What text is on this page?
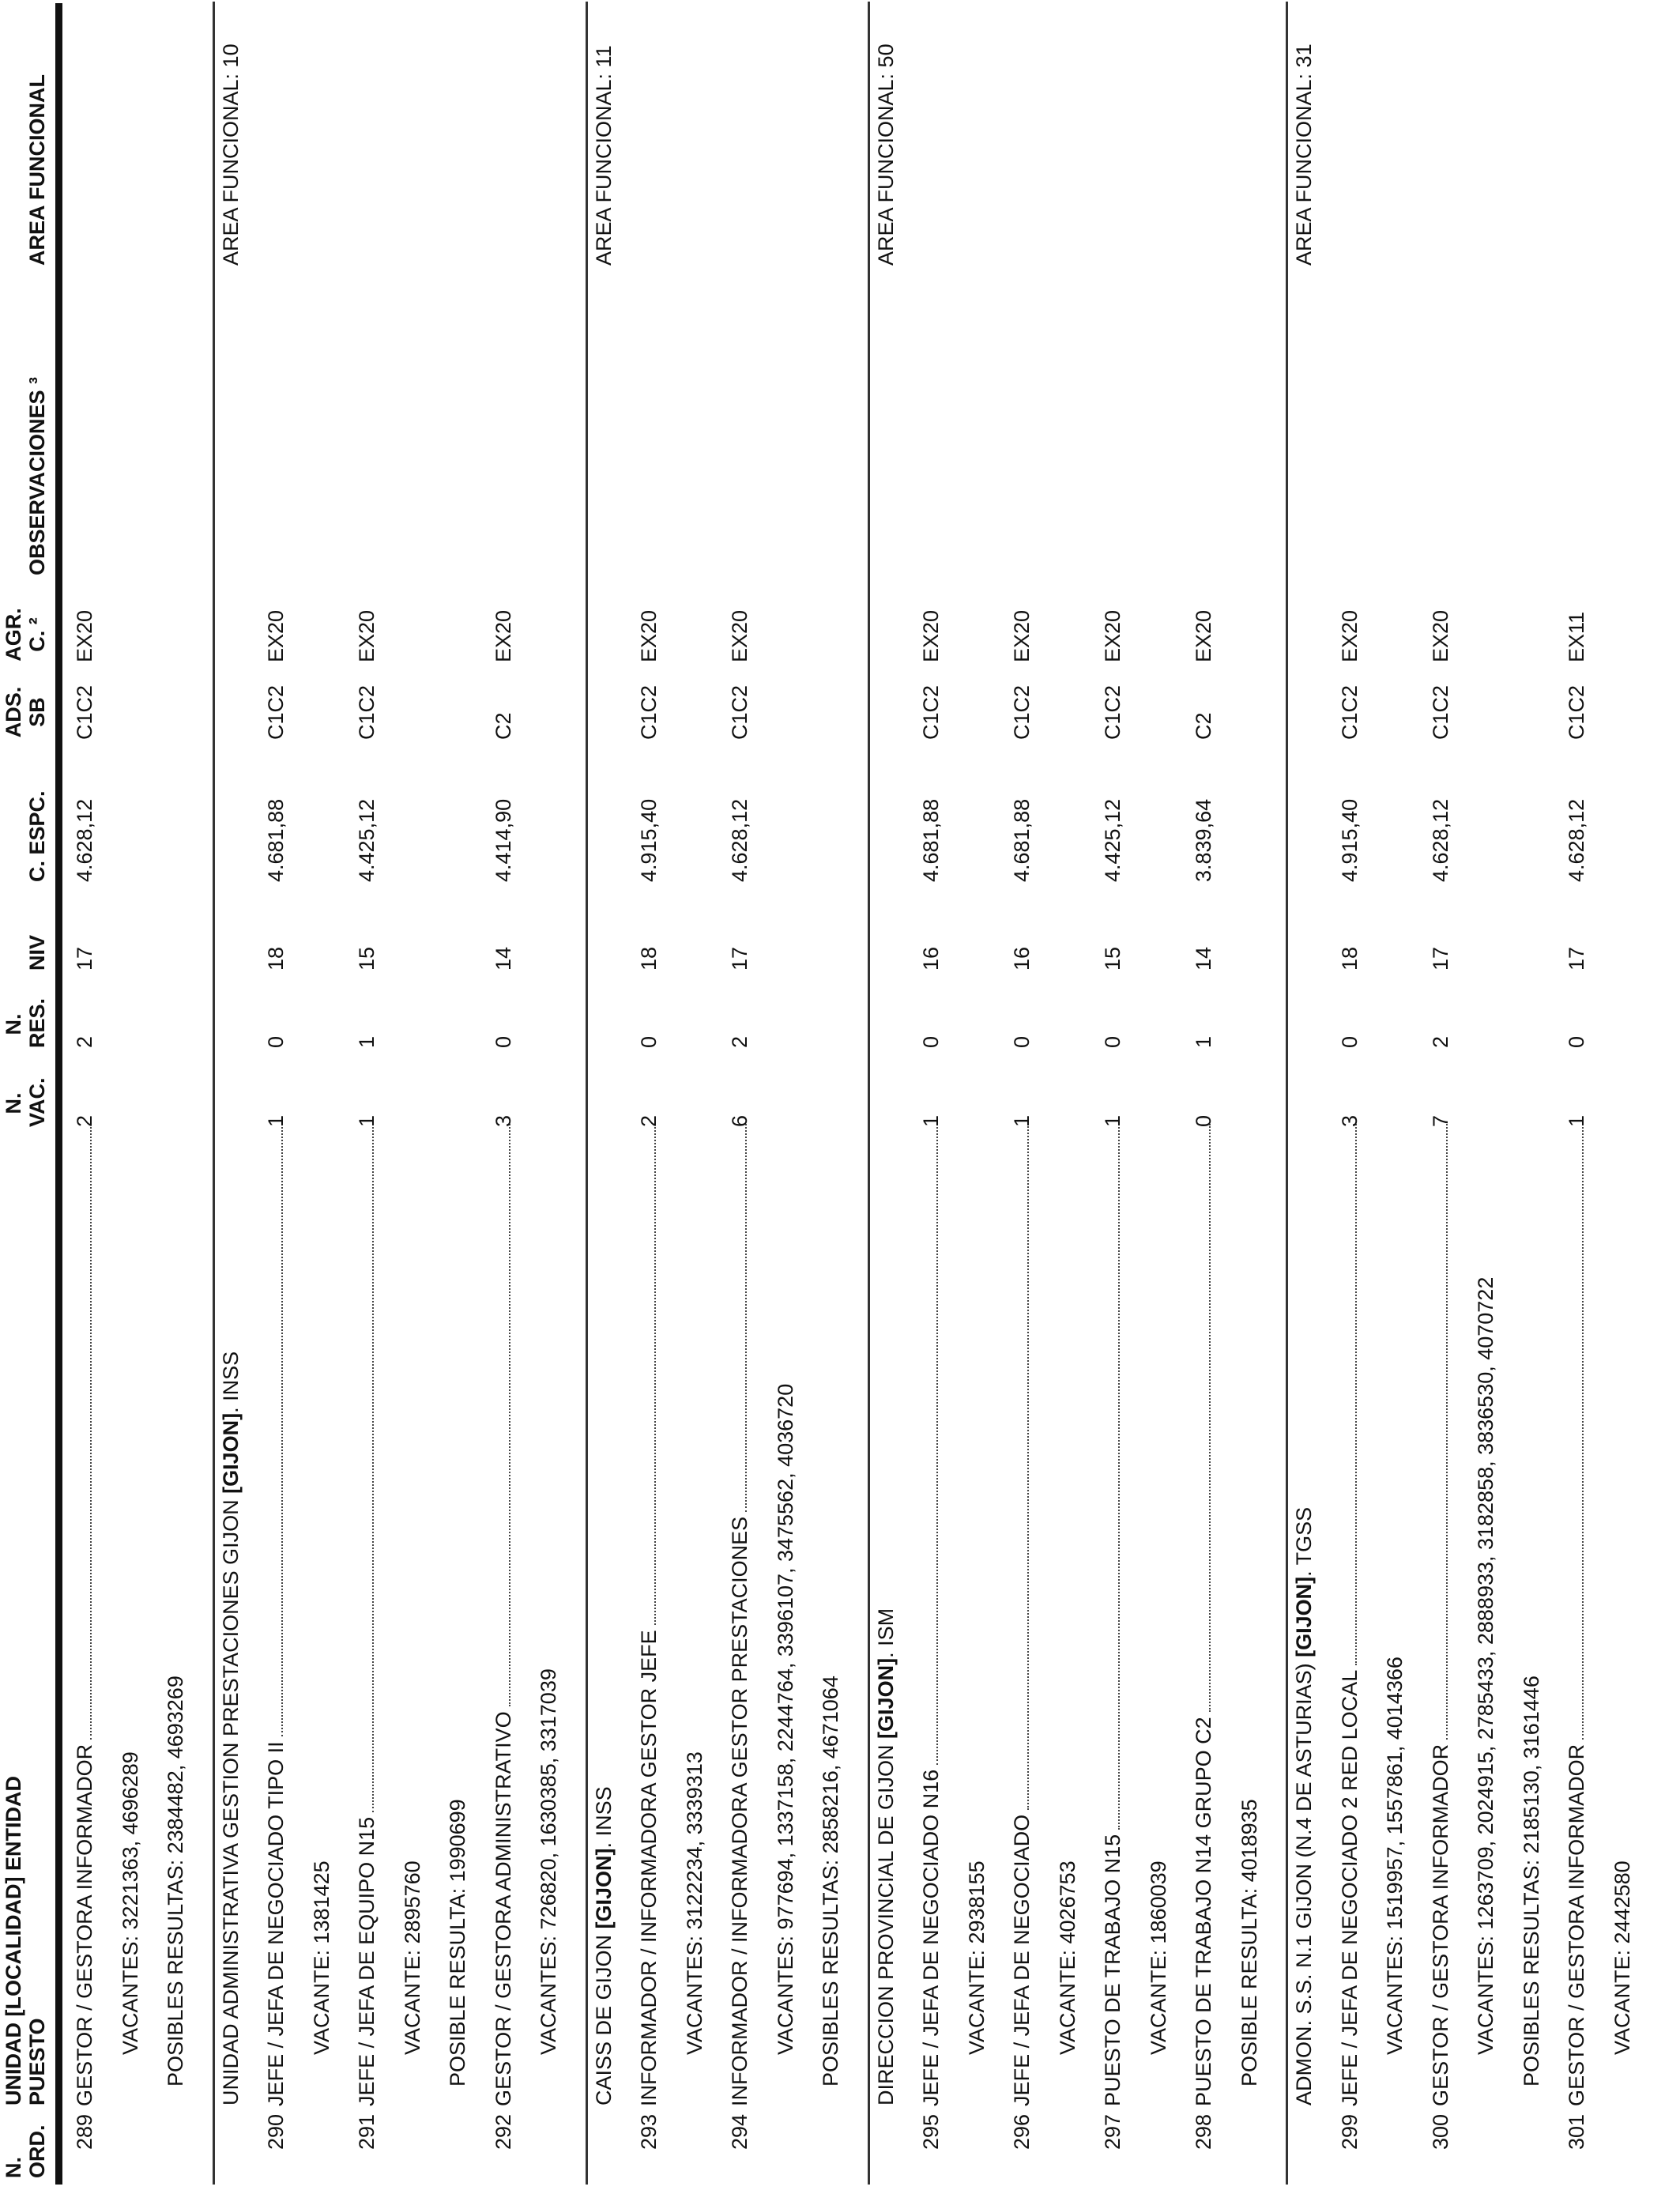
N. ORD.
UNIDAD [LOCALIDAD] ENTIDAD PUESTO
N. VAC.
N. RES.
NIV
C. ESPC.
ADS. SB
AGR. C. ²
OBSERVACIONES ³
AREA FUNCIONAL
289
GESTOR / GESTORA INFORMADOR
2
2
17
4.628,12
C1C2
EX20
VACANTES: 3221363, 4696289 POSIBLES RESULTAS: 2384482, 4693269 UNIDAD ADMINISTRATIVA GESTION PRESTACIONES GIJON [GIJON]. INSS
AREA FUNCIONAL: 10
290
JEFE / JEFA DE NEGOCIADO TIPO II
1
0
18
4.681,88
C1C2
EX20
VACANTE: 1381425
291
JEFE / JEFA DE EQUIPO N15
1
1
15
4.425,12
C1C2
EX20
VACANTE: 2895760 POSIBLE RESULTA: 1990699
292
GESTOR / GESTORA ADMINISTRATIVO
3
0
14
4.414,90
C2
EX20
VACANTES: 726820, 1630385, 3317039 CAISS DE GIJON [GIJON]. INSS
AREA FUNCIONAL: 11
293
INFORMADOR / INFORMADORA GESTOR JEFE
2
0
18
4.915,40
C1C2
EX20
VACANTES: 3122234, 3339313
294
INFORMADOR / INFORMADORA GESTOR PRESTACIONES
6
2
17
4.628,12
C1C2
EX20
VACANTES: 977694, 1337158, 2244764, 3396107, 3475562, 4036720 POSIBLES RESULTAS: 2858216, 4671064 DIRECCION PROVINCIAL DE GIJON [GIJON]. ISM
AREA FUNCIONAL: 50
295
JEFE / JEFA DE NEGOCIADO N16
1
0
16
4.681,88
C1C2
EX20
VACANTE: 2938155
296
JEFE / JEFA DE NEGOCIADO
1
0
16
4.681,88
C1C2
EX20
VACANTE: 4026753
297
PUESTO DE TRABAJO N15
1
0
15
4.425,12
C1C2
EX20
VACANTE: 1860039
298
PUESTO DE TRABAJO N14 GRUPO C2
0
1
14
3.839,64
C2
EX20
POSIBLE RESULTA: 4018935 ADMON. S.S. N.1 GIJON (N.4 DE ASTURIAS) [GIJON]. TGSS
AREA FUNCIONAL: 31
299
JEFE / JEFA DE NEGOCIADO 2 RED LOCAL
3
0
18
4.915,40
C1C2
EX20
VACANTES: 1519957, 1557861, 4014366
300
GESTOR / GESTORA INFORMADOR
7
2
17
4.628,12
C1C2
EX20
VACANTES: 1263709, 2024915, 2785433, 2888933, 3182858, 3836530, 4070722 POSIBLES RESULTAS: 2185130, 3161446
301
GESTOR / GESTORA INFORMADOR
1
0
17
4.628,12
C1C2
EX11
VACANTE: 2442580
